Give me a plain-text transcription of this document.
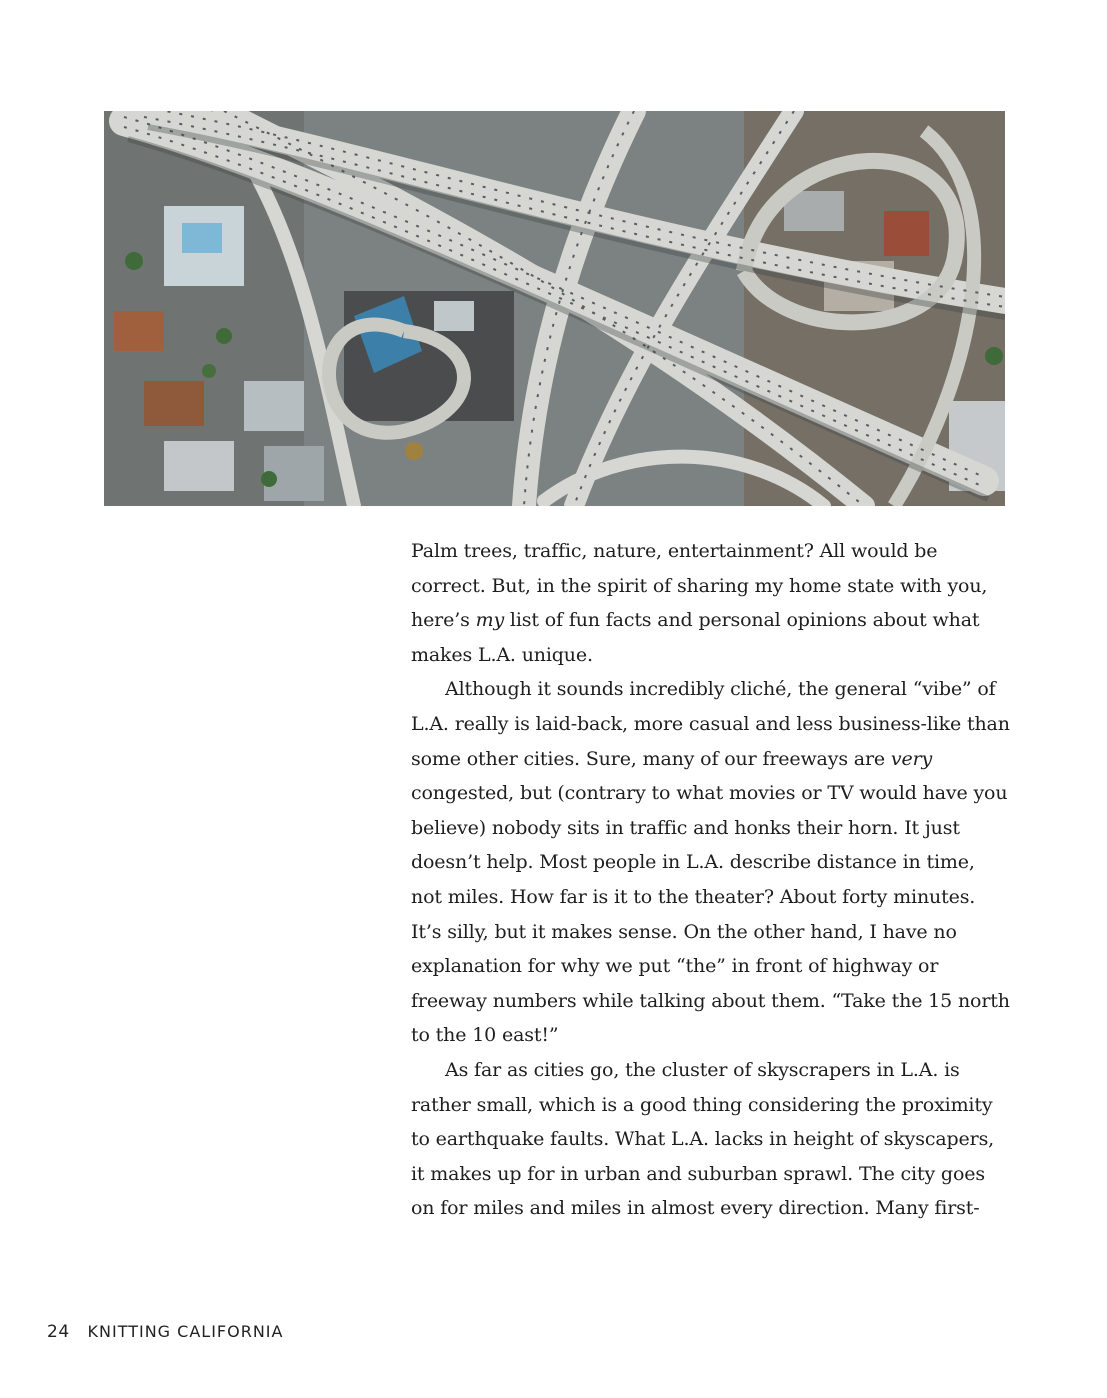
Palm trees, traffic, nature, entertainment? All would be correct. But, in the spirit of sharing my home state with you, here’s my list of fun facts and personal opinions about what makes L.A. unique.

Although it sounds incredibly cliché, the general “vibe” of L.A. really is laid-back, more casual and less business-like than some other cities. Sure, many of our freeways are very congested, but (contrary to what movies or TV would have you believe) nobody sits in traffic and honks their horn. It just doesn’t help. Most people in L.A. describe distance in time, not miles. How far is it to the theater? About forty minutes. It’s silly, but it makes sense. On the other hand, I have no explanation for why we put “the” in front of highway or freeway numbers while talking about them. “Take the 15 north to the 10 east!”

As far as cities go, the cluster of skyscrapers in L.A. is rather small, which is a good thing considering the proximity to earthquake faults. What L.A. lacks in height of skyscapers, it makes up for in urban and suburban sprawl. The city goes on for miles and miles in almost every direction. Many first-

24 KNITTING CALIFORNIA
